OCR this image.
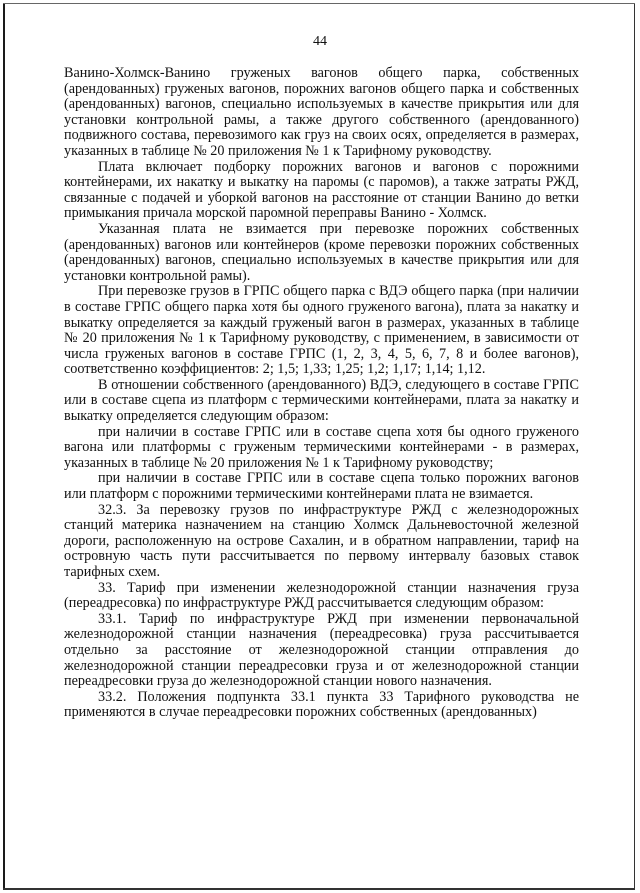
44

Ванино-Холмск-Ванино груженых вагонов общего парка, собственных (арендованных) груженых вагонов, порожних вагонов общего парка и собственных (арендованных) вагонов, специально используемых в качестве прикрытия или для установки контрольной рамы, а также другого собственного (арендованного) подвижного состава, перевозимого как груз на своих осях, определяется в размерах, указанных в таблице № 20 приложения № 1 к Тарифному руководству.

Плата включает подборку порожних вагонов и вагонов с порожними контейнерами, их накатку и выкатку на паромы (с паромов), а также затраты РЖД, связанные с подачей и уборкой вагонов на расстояние от станции Ванино до ветки примыкания причала морской паромной переправы Ванино - Холмск.

Указанная плата не взимается при перевозке порожних собственных (арендованных) вагонов или контейнеров (кроме перевозки порожних собственных (арендованных) вагонов, специально используемых в качестве прикрытия или для установки контрольной рамы).

При перевозке грузов в ГРПС общего парка с ВДЭ общего парка (при наличии в составе ГРПС общего парка хотя бы одного груженого вагона), плата за накатку и выкатку определяется за каждый груженый вагон в размерах, указанных в таблице № 20 приложения № 1 к Тарифному руководству, с применением, в зависимости от числа груженых вагонов в составе ГРПС (1, 2, 3, 4, 5, 6, 7, 8 и более вагонов), соответственно коэффициентов: 2; 1,5; 1,33; 1,25; 1,2; 1,17; 1,14; 1,12.

В отношении собственного (арендованного) ВДЭ, следующего в составе ГРПС или в составе сцепа из платформ с термическими контейнерами, плата за накатку и выкатку определяется следующим образом:

при наличии в составе ГРПС или в составе сцепа хотя бы одного груженого вагона или платформы с груженым термическими контейнерами - в размерах, указанных в таблице № 20 приложения № 1 к Тарифному руководству;

при наличии в составе ГРПС или в составе сцепа только порожних вагонов или платформ с порожними термическими контейнерами плата не взимается.

32.3. За перевозку грузов по инфраструктуре РЖД с железнодорожных станций материка назначением на станцию Холмск Дальневосточной железной дороги, расположенную на острове Сахалин, и в обратном направлении, тариф на островную часть пути рассчитывается по первому интервалу базовых ставок тарифных схем.

33. Тариф при изменении железнодорожной станции назначения груза (переадресовка) по инфраструктуре РЖД рассчитывается следующим образом:

33.1. Тариф по инфраструктуре РЖД при изменении первоначальной железнодорожной станции назначения (переадресовка) груза рассчитывается отдельно за расстояние от железнодорожной станции отправления до железнодорожной станции переадресовки груза и от железнодорожной станции переадресовки груза до железнодорожной станции нового назначения.

33.2. Положения подпункта 33.1 пункта 33 Тарифного руководства не применяются в случае переадресовки порожних собственных (арендованных)
